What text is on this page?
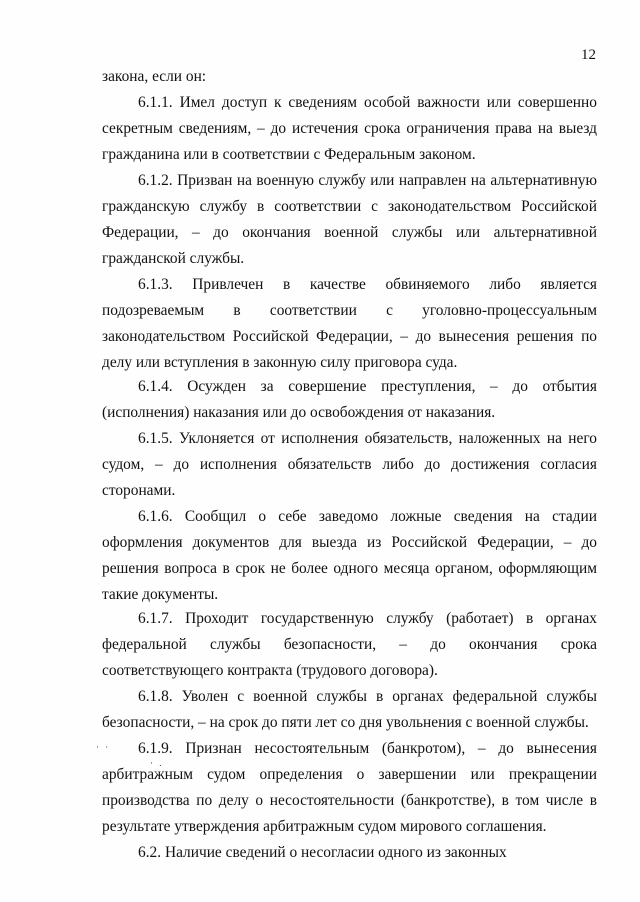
12
закона, если он:
6.1.1. Имел доступ к сведениям особой важности или совершенно секретным сведениям, – до истечения срока ограничения права на выезд гражданина или в соответствии с Федеральным законом.
6.1.2. Призван на военную службу или направлен на альтернативную гражданскую службу в соответствии с законодательством Российской Федерации, – до окончания военной службы или альтернативной гражданской службы.
6.1.3. Привлечен в качестве обвиняемого либо является подозреваемым в соответствии с уголовно-процессуальным законодательством Российской Федерации, – до вынесения решения по делу или вступления в законную силу приговора суда.
6.1.4. Осужден за совершение преступления, – до отбытия (исполнения) наказания или до освобождения от наказания.
6.1.5. Уклоняется от исполнения обязательств, наложенных на него судом, – до исполнения обязательств либо до достижения согласия сторонами.
6.1.6. Сообщил о себе заведомо ложные сведения на стадии оформления документов для выезда из Российской Федерации, – до решения вопроса в срок не более одного месяца органом, оформляющим такие документы.
6.1.7. Проходит государственную службу (работает) в органах федеральной службы безопасности, – до окончания срока соответствующего контракта (трудового договора).
6.1.8. Уволен с военной службы в органах федеральной службы безопасности, – на срок до пяти лет со дня увольнения с военной службы.
6.1.9. Признан несостоятельным (банкротом), – до вынесения арбитражным судом определения о завершении или прекращении производства по делу о несостоятельности (банкротстве), в том числе в результате утверждения арбитражным судом мирового соглашения.
· ·
· .
6.2. Наличие сведений о несогласии одного из законных
